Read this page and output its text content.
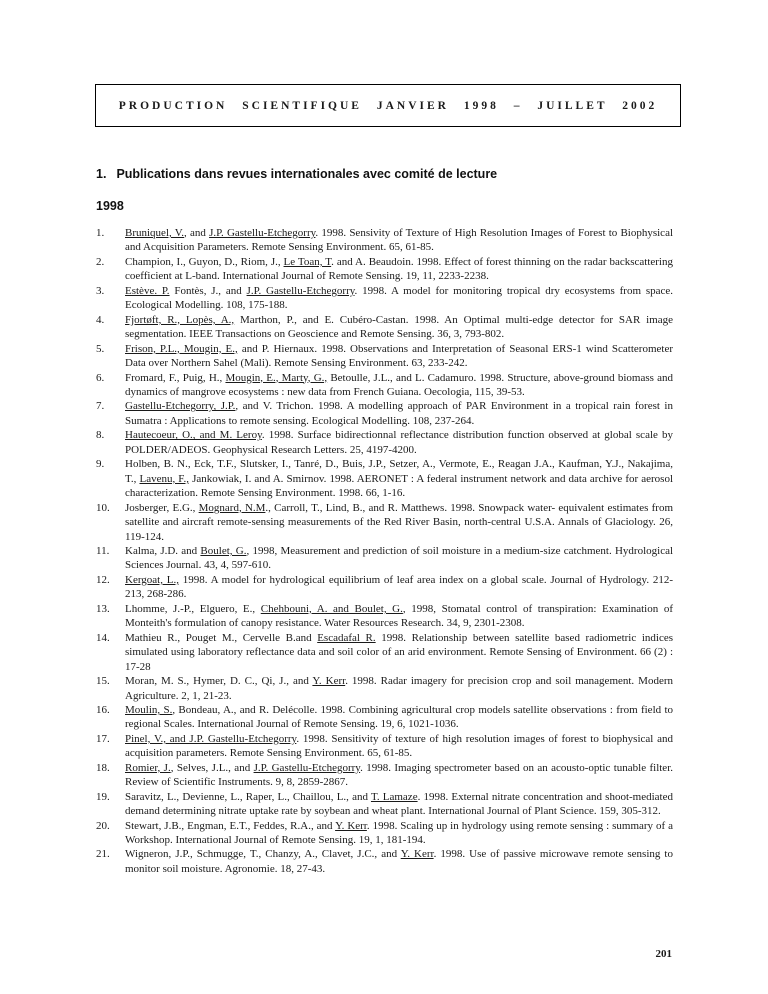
PRODUCTION SCIENTIFIQUE JANVIER 1998 – JUILLET 2002
1. Publications dans revues internationales avec comité de lecture
1998
1.	Bruniquel, V., and J.P. Gastellu-Etchegorry. 1998. Sensivity of Texture of High Resolution Images of Forest to Biophysical and Acquisition Parameters. Remote Sensing Environment. 65, 61-85.
2.	Champion, I., Guyon, D., Riom, J., Le Toan, T. and A. Beaudoin. 1998. Effect of forest thinning on the radar backscattering coefficient at L-band. International Journal of Remote Sensing. 19, 11, 2233-2238.
3.	Estève. P. Fontès, J., and J.P. Gastellu-Etchegorry. 1998. A model for monitoring tropical dry ecosystems from space. Ecological Modelling. 108, 175-188.
4.	Fjortøft, R., Lopès, A., Marthon, P., and E. Cubéro-Castan. 1998. An Optimal multi-edge detector for SAR image segmentation. IEEE Transactions on Geoscience and Remote Sensing. 36, 3, 793-802.
5.	Frison, P.L., Mougin, E., and P. Hiernaux. 1998. Observations and Interpretation of Seasonal ERS-1 wind Scatterometer Data over Northern Sahel (Mali). Remote Sensing Environment. 63, 233-242.
6.	Fromard, F., Puig, H., Mougin, E., Marty, G., Betoulle, J.L., and L. Cadamuro. 1998. Structure, above-ground biomass and dynamics of mangrove ecosystems : new data from French Guiana. Oecologia, 115, 39-53.
7.	Gastellu-Etchegorry, J.P., and V. Trichon. 1998. A modelling approach of PAR Environment in a tropical rain forest in Sumatra : Applications to remote sensing. Ecological Modelling. 108, 237-264.
8.	Hautecoeur, O., and M. Leroy. 1998. Surface bidirectionnal reflectance distribution function observed at global scale by POLDER/ADEOS. Geophysical Research Letters. 25, 4197-4200.
9.	Holben, B. N., Eck, T.F., Slutsker, I., Tanré, D., Buis, J.P., Setzer, A., Vermote, E., Reagan J.A., Kaufman, Y.J., Nakajima, T., Lavenu, F., Jankowiak, I. and A. Smirnov. 1998. AERONET : A federal instrument network and data archive for aerosol characterization. Remote Sensing Environment. 1998. 66, 1-16.
10.	Josberger, E.G., Mognard, N.M., Carroll, T., Lind, B., and R. Matthews. 1998. Snowpack water- equivalent estimates from satellite and aircraft remote-sensing measurements of the Red River Basin, north-central U.S.A. Annals of Glaciology. 26, 119-124.
11.	Kalma, J.D. and Boulet, G., 1998, Measurement and prediction of soil moisture in a medium-size catchment. Hydrological Sciences Journal. 43, 4, 597-610.
12.	Kergoat, L., 1998. A model for hydrological equilibrium of leaf area index on a global scale. Journal of Hydrology. 212-213, 268-286.
13.	Lhomme, J.-P., Elguero, E., Chehbouni, A. and Boulet, G., 1998, Stomatal control of transpiration: Examination of Monteith's formulation of canopy resistance. Water Resources Research. 34, 9, 2301-2308.
14.	Mathieu R., Pouget M., Cervelle B.and Escadafal R. 1998. Relationship between satellite based radiometric indices simulated using laboratory reflectance data and soil color of an arid environment. Remote Sensing of Environment. 66 (2) : 17-28
15.	Moran, M. S., Hymer, D. C., Qi, J., and Y. Kerr. 1998. Radar imagery for precision crop and soil management. Modern Agriculture. 2, 1, 21-23.
16.	Moulin, S., Bondeau, A., and R. Delécolle. 1998. Combining agricultural crop models satellite observations : from field to regional Scales. International Journal of Remote Sensing. 19, 6, 1021-1036.
17.	Pinel, V., and J.P. Gastellu-Etchegorry. 1998. Sensitivity of texture of high resolution images of forest to biophysical and acquisition parameters. Remote Sensing Environment. 65, 61-85.
18.	Romier, J., Selves, J.L., and J.P. Gastellu-Etchegorry. 1998. Imaging spectrometer based on an acousto-optic tunable filter. Review of Scientific Instruments. 9, 8, 2859-2867.
19.	Saravitz, L., Devienne, L., Raper, L., Chaillou, L., and T. Lamaze. 1998. External nitrate concentration and shoot-mediated demand determining nitrate uptake rate by soybean and wheat plant. International Journal of Plant Science. 159, 305-312.
20.	Stewart, J.B., Engman, E.T., Feddes, R.A., and Y. Kerr. 1998. Scaling up in hydrology using remote sensing : summary of a Workshop. International Journal of Remote Sensing. 19, 1, 181-194.
21.	Wigneron, J.P., Schmugge, T., Chanzy, A., Clavet, J.C., and Y. Kerr. 1998. Use of passive microwave remote sensing to monitor soil moisture. Agronomie. 18, 27-43.
201
